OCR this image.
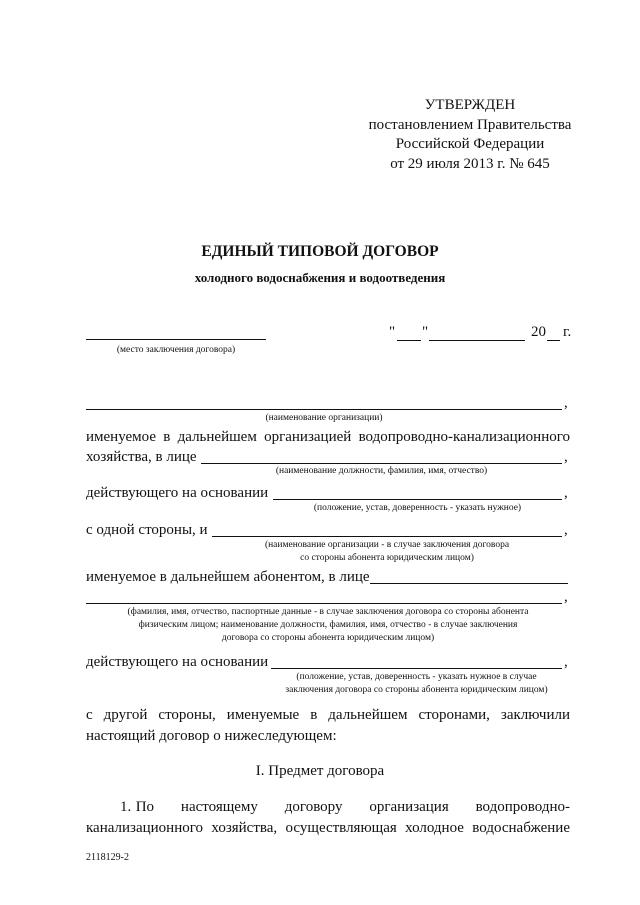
УТВЕРЖДЕН
постановлением Правительства
Российской Федерации
от 29 июля 2013 г. № 645
ЕДИНЫЙ ТИПОВОЙ ДОГОВОР
холодного водоснабжения и водоотведения
(место заключения договора)
" "	20 г.
,
(наименование организации)
именуемое в дальнейшем организацией водопроводно-канализационного
хозяйства, в лице	,
(наименование должности, фамилия, имя, отчество)
действующего на основании	,
(положение, устав, доверенность - указать нужное)
с одной стороны, и	,
(наименование организации - в случае заключения договора
со стороны абонента юридическим лицом)
именуемое в дальнейшем абонентом, в лице
,
(фамилия, имя, отчество, паспортные данные - в случае заключения договора со стороны абонента
физическим лицом; наименование должности, фамилия, имя, отчество - в случае заключения
договора со стороны абонента юридическим лицом)
действующего на основании	,
(положение, устав, доверенность - указать нужное в случае
заключения договора со стороны абонента юридическим лицом)
с другой стороны, именуемые в дальнейшем сторонами, заключили
настоящий договор о нижеследующем:
I. Предмет договора
1. По      настоящему      договору      организация      водопроводно-
канализационного  хозяйства,  осуществляющая  холодное  водоснабжение
2118129-2
